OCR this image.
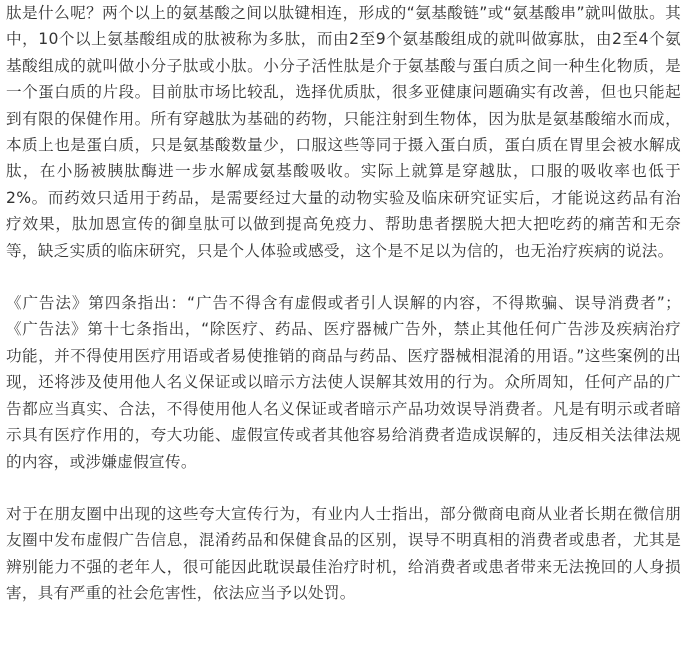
肽是什么呢？两个以上的氨基酸之间以肽键相连，形成的“氨基酸链”或“氨基酸串”就叫做肽。其中，10个以上氨基酸组成的肽被称为多肽，而由2至9个氨基酸组成的就叫做寡肽，由2至4个氨基酸组成的就叫做小分子肽或小肽。小分子活性肽是介于氨基酸与蛋白质之间一种生化物质，是一个蛋白质的片段。目前肽市场比较乱，选择优质肽，很多亚健康问题确实有改善，但也只能起到有限的保健作用。所有穿越肽为基础的药物，只能注射到生物体，因为肽是氨基酸缩水而成，本质上也是蛋白质，只是氨基酸数量少，口服这些等同于摄入蛋白质，蛋白质在胃里会被水解成肽，在小肠被胰肽酶进一步水解成氨基酸吸收。实际上就算是穿越肽，口服的吸收率也低于2%。而药效只适用于药品，是需要经过大量的动物实验及临床研究证实后，才能说这药品有治疗效果，肽加恩宣传的御皇肽可以做到提高免疫力、帮助患者摆脱大把大把吃药的痛苦和无奈等，缺乏实质的临床研究，只是个人体验或感受，这个是不足以为信的，也无治疗疾病的说法。

《广告法》第四条指出：“广告不得含有虚假或者引人误解的内容，不得欺骗、误导消费者”；《广告法》第十七条指出，“除医疗、药品、医疗器械广告外，禁止其他任何广告涉及疾病治疗功能，并不得使用医疗用语或者易使推销的商品与药品、医疗器械相混淆的用语。”这些案例的出现，还将涉及使用他人名义保证或以暗示方法使人误解其效用的行为。众所周知，任何产品的广告都应当真实、合法，不得使用他人名义保证或者暗示产品功效误导消费者。凡是有明示或者暗示具有医疗作用的，夸大功能、虚假宣传或者其他容易给消费者造成误解的，违反相关法律法规的内容，或涉嫌虚假宣传。

对于在朋友圈中出现的这些夸大宣传行为，有业内人士指出，部分微商电商从业者长期在微信朋友圈中发布虚假广告信息，混淆药品和保健食品的区别，误导不明真相的消费者或患者，尤其是辨别能力不强的老年人，很可能因此耽误最佳治疗时机，给消费者或患者带来无法挽回的人身损害，具有严重的社会危害性，依法应当予以处罚。
